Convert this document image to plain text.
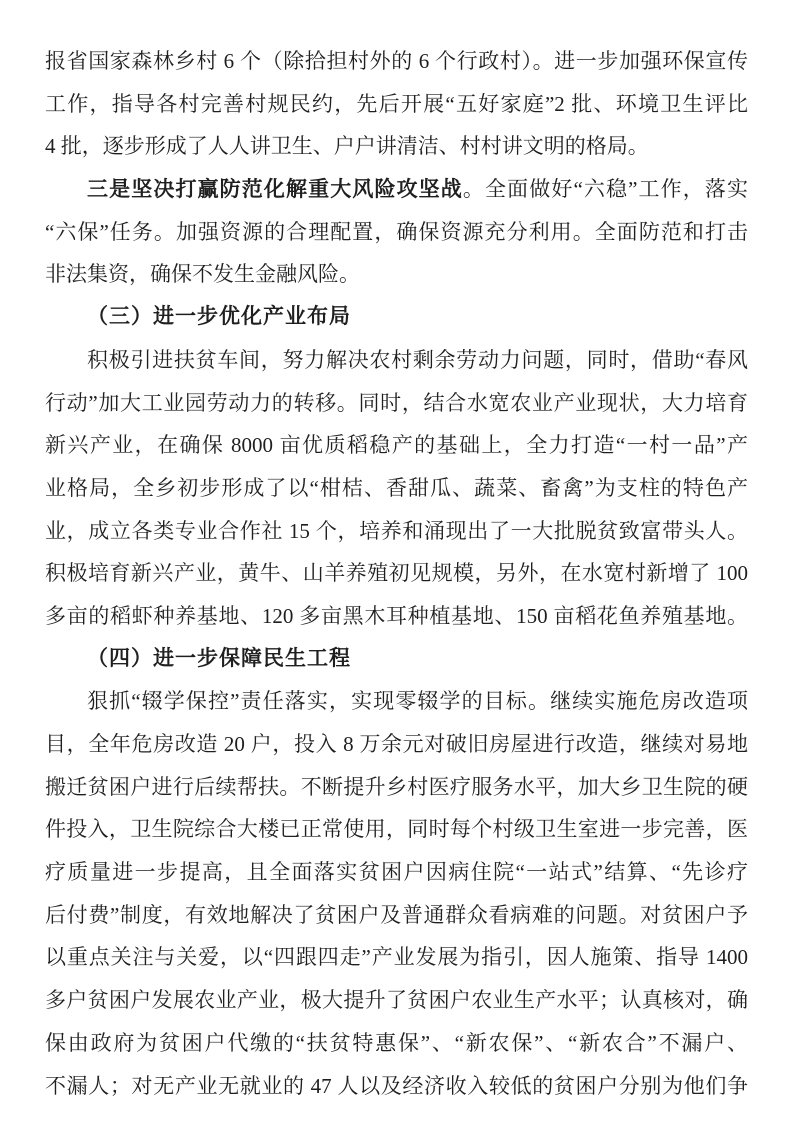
报省国家森林乡村 6 个（除拾担村外的 6 个行政村）。进一步加强环保宣传
工作，指导各村完善村规民约，先后开展“五好家庭”2 批、环境卫生评比
4 批，逐步形成了人人讲卫生、户户讲清洁、村村讲文明的格局。
三是坚决打赢防范化解重大风险攻坚战。全面做好“六稳”工作，落实
“六保”任务。加强资源的合理配置，确保资源充分利用。全面防范和打击
非法集资，确保不发生金融风险。
（三）进一步优化产业布局
积极引进扶贫车间，努力解决农村剩余劳动力问题，同时，借助“春风
行动”加大工业园劳动力的转移。同时，结合水宽农业产业现状，大力培育
新兴产业，在确保 8000 亩优质稻稳产的基础上，全力打造“一村一品”产
业格局，全乡初步形成了以“柑桔、香甜瓜、蔬菜、畜禽”为支柱的特色产
业，成立各类专业合作社 15 个，培养和涌现出了一大批脱贫致富带头人。
积极培育新兴产业，黄牛、山羊养殖初见规模，另外，在水宽村新增了 100
多亩的稻虾种养基地、120 多亩黑木耳种植基地、150 亩稻花鱼养殖基地。
（四）进一步保障民生工程
狠抓“辍学保控”责任落实，实现零辍学的目标。继续实施危房改造项
目，全年危房改造 20 户，投入 8 万余元对破旧房屋进行改造，继续对易地
搬迁贫困户进行后续帮扶。不断提升乡村医疗服务水平，加大乡卫生院的硬
件投入，卫生院综合大楼已正常使用，同时每个村级卫生室进一步完善，医
疗质量进一步提高，且全面落实贫困户因病住院“一站式”结算、“先诊疗
后付费”制度，有效地解决了贫困户及普通群众看病难的问题。对贫困户予
以重点关注与关爱，以“四跟四走”产业发展为指引，因人施策、指导 1400
多户贫困户发展农业产业，极大提升了贫困户农业生产水平；认真核对，确
保由政府为贫困户代缴的“扶贫特惠保”、“新农保”、“新农合”不漏户、
不漏人；对无产业无就业的 47 人以及经济收入较低的贫困户分别为他们争
